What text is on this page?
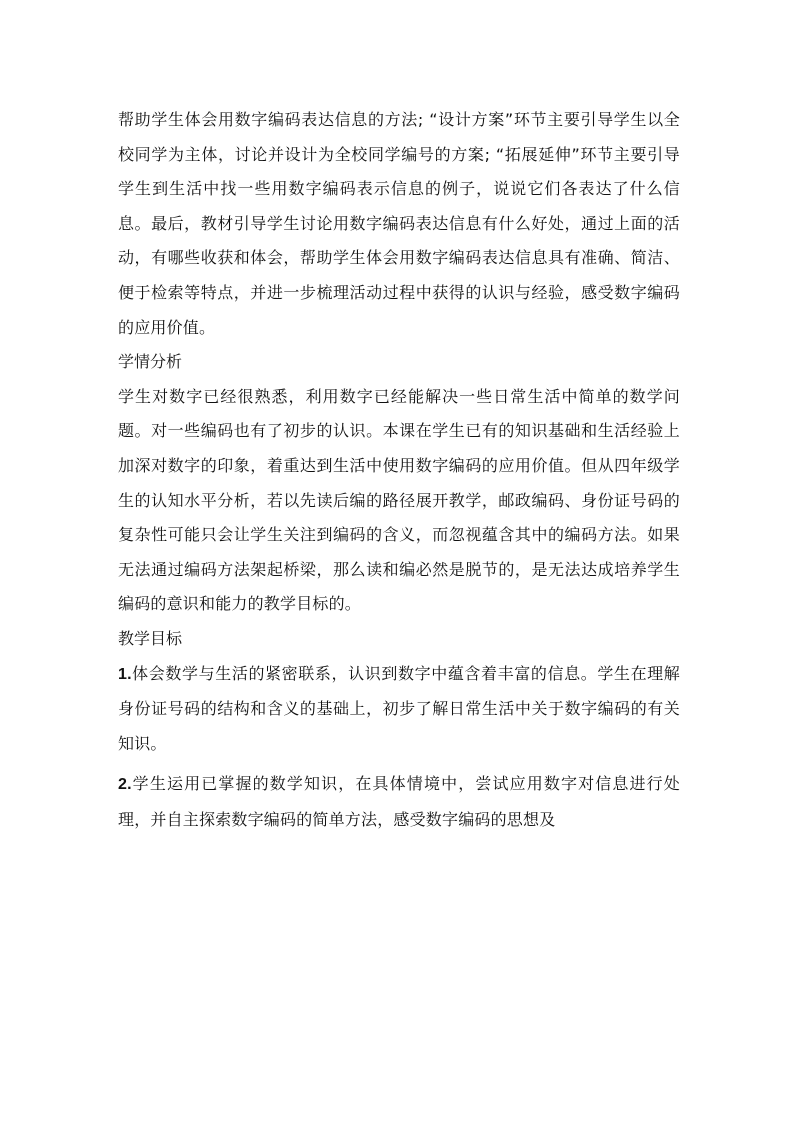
帮助学生体会用数字编码表达信息的方法; “设计方案”环节主要引导学生以全校同学为主体，讨论并设计为全校同学编号的方案; “拓展延伸”环节主要引导学生到生活中找一些用数字编码表示信息的例子，说说它们各表达了什么信息。最后，教材引导学生讨论用数字编码表达信息有什么好处，通过上面的活动，有哪些收获和体会，帮助学生体会用数字编码表达信息具有准确、简洁、便于检索等特点，并进一步梳理活动过程中获得的认识与经验，感受数字编码的应用价值。

学情分析

学生对数字已经很熟悉，利用数字已经能解决一些日常生活中简单的数学问题。对一些编码也有了初步的认识。本课在学生已有的知识基础和生活经验上加深对数字的印象，着重达到生活中使用数字编码的应用价值。但从四年级学生的认知水平分析，若以先读后编的路径展开教学，邮政编码、身份证号码的复杂性可能只会让学生关注到编码的含义，而忽视蕴含其中的编码方法。如果无法通过编码方法架起桥梁，那么读和编必然是脱节的，是无法达成培养学生编码的意识和能力的教学目标的。

教学目标

1.体会数学与生活的紧密联系，认识到数字中蕴含着丰富的信息。学生在理解身份证号码的结构和含义的基础上，初步了解日常生活中关于数字编码的有关知识。

2.学生运用已掌握的数学知识，在具体情境中，尝试应用数字对信息进行处理，并自主探索数字编码的简单方法，感受数字编码的思想及
